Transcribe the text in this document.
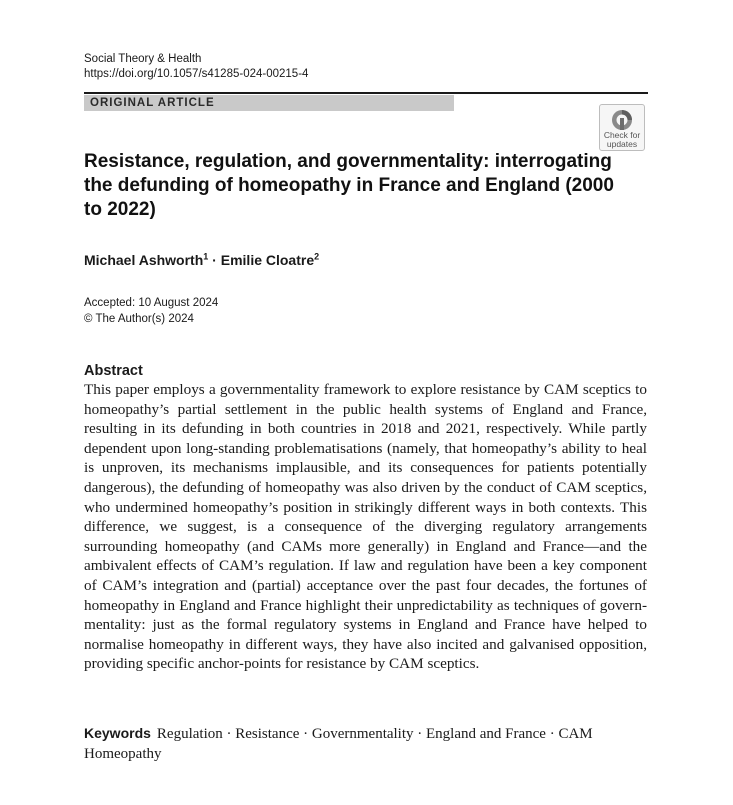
Social Theory & Health
https://doi.org/10.1057/s41285-024-00215-4
ORIGINAL ARTICLE
Check for
updates
Resistance, regulation, and governmentality: interrogating the defunding of homeopathy in France and England (2000 to 2022)
Michael Ashworth$^1$ · Emilie Cloatre$^2$
Accepted: 10 August 2024
© The Author(s) 2024
Abstract
This paper employs a governmentality framework to explore resistance by CAM sceptics to homeopathy’s partial settlement in the public health systems of England and France, resulting in its defunding in both countries in 2018 and 2021, respectively. While partly dependent upon long-standing problematisations (namely, that homeopathy’s ability to heal is unproven, its mechanisms implausible, and its consequences for patients potentially dangerous), the defunding of homeopathy was also driven by the conduct of CAM sceptics, who undermined homeopathy’s position in strikingly different ways in both contexts. This difference, we suggest, is a consequence of the diverging regulatory arrangements surrounding homeopathy (and CAMs more generally) in England and France—and the ambivalent effects of CAM’s regulation. If law and regulation have been a key component of CAM’s integration and (partial) acceptance over the past four decades, the fortunes of homeopathy in England and France highlight their unpredictability as techniques of governmentality: just as the formal regulatory systems in England and France have helped to normalise homeopathy in different ways, they have also incited and galvanised opposition, providing specific anchor-points for resistance by CAM sceptics.
Keywords Regulation · Resistance · Governmentality · England and France · CAM Homeopathy
